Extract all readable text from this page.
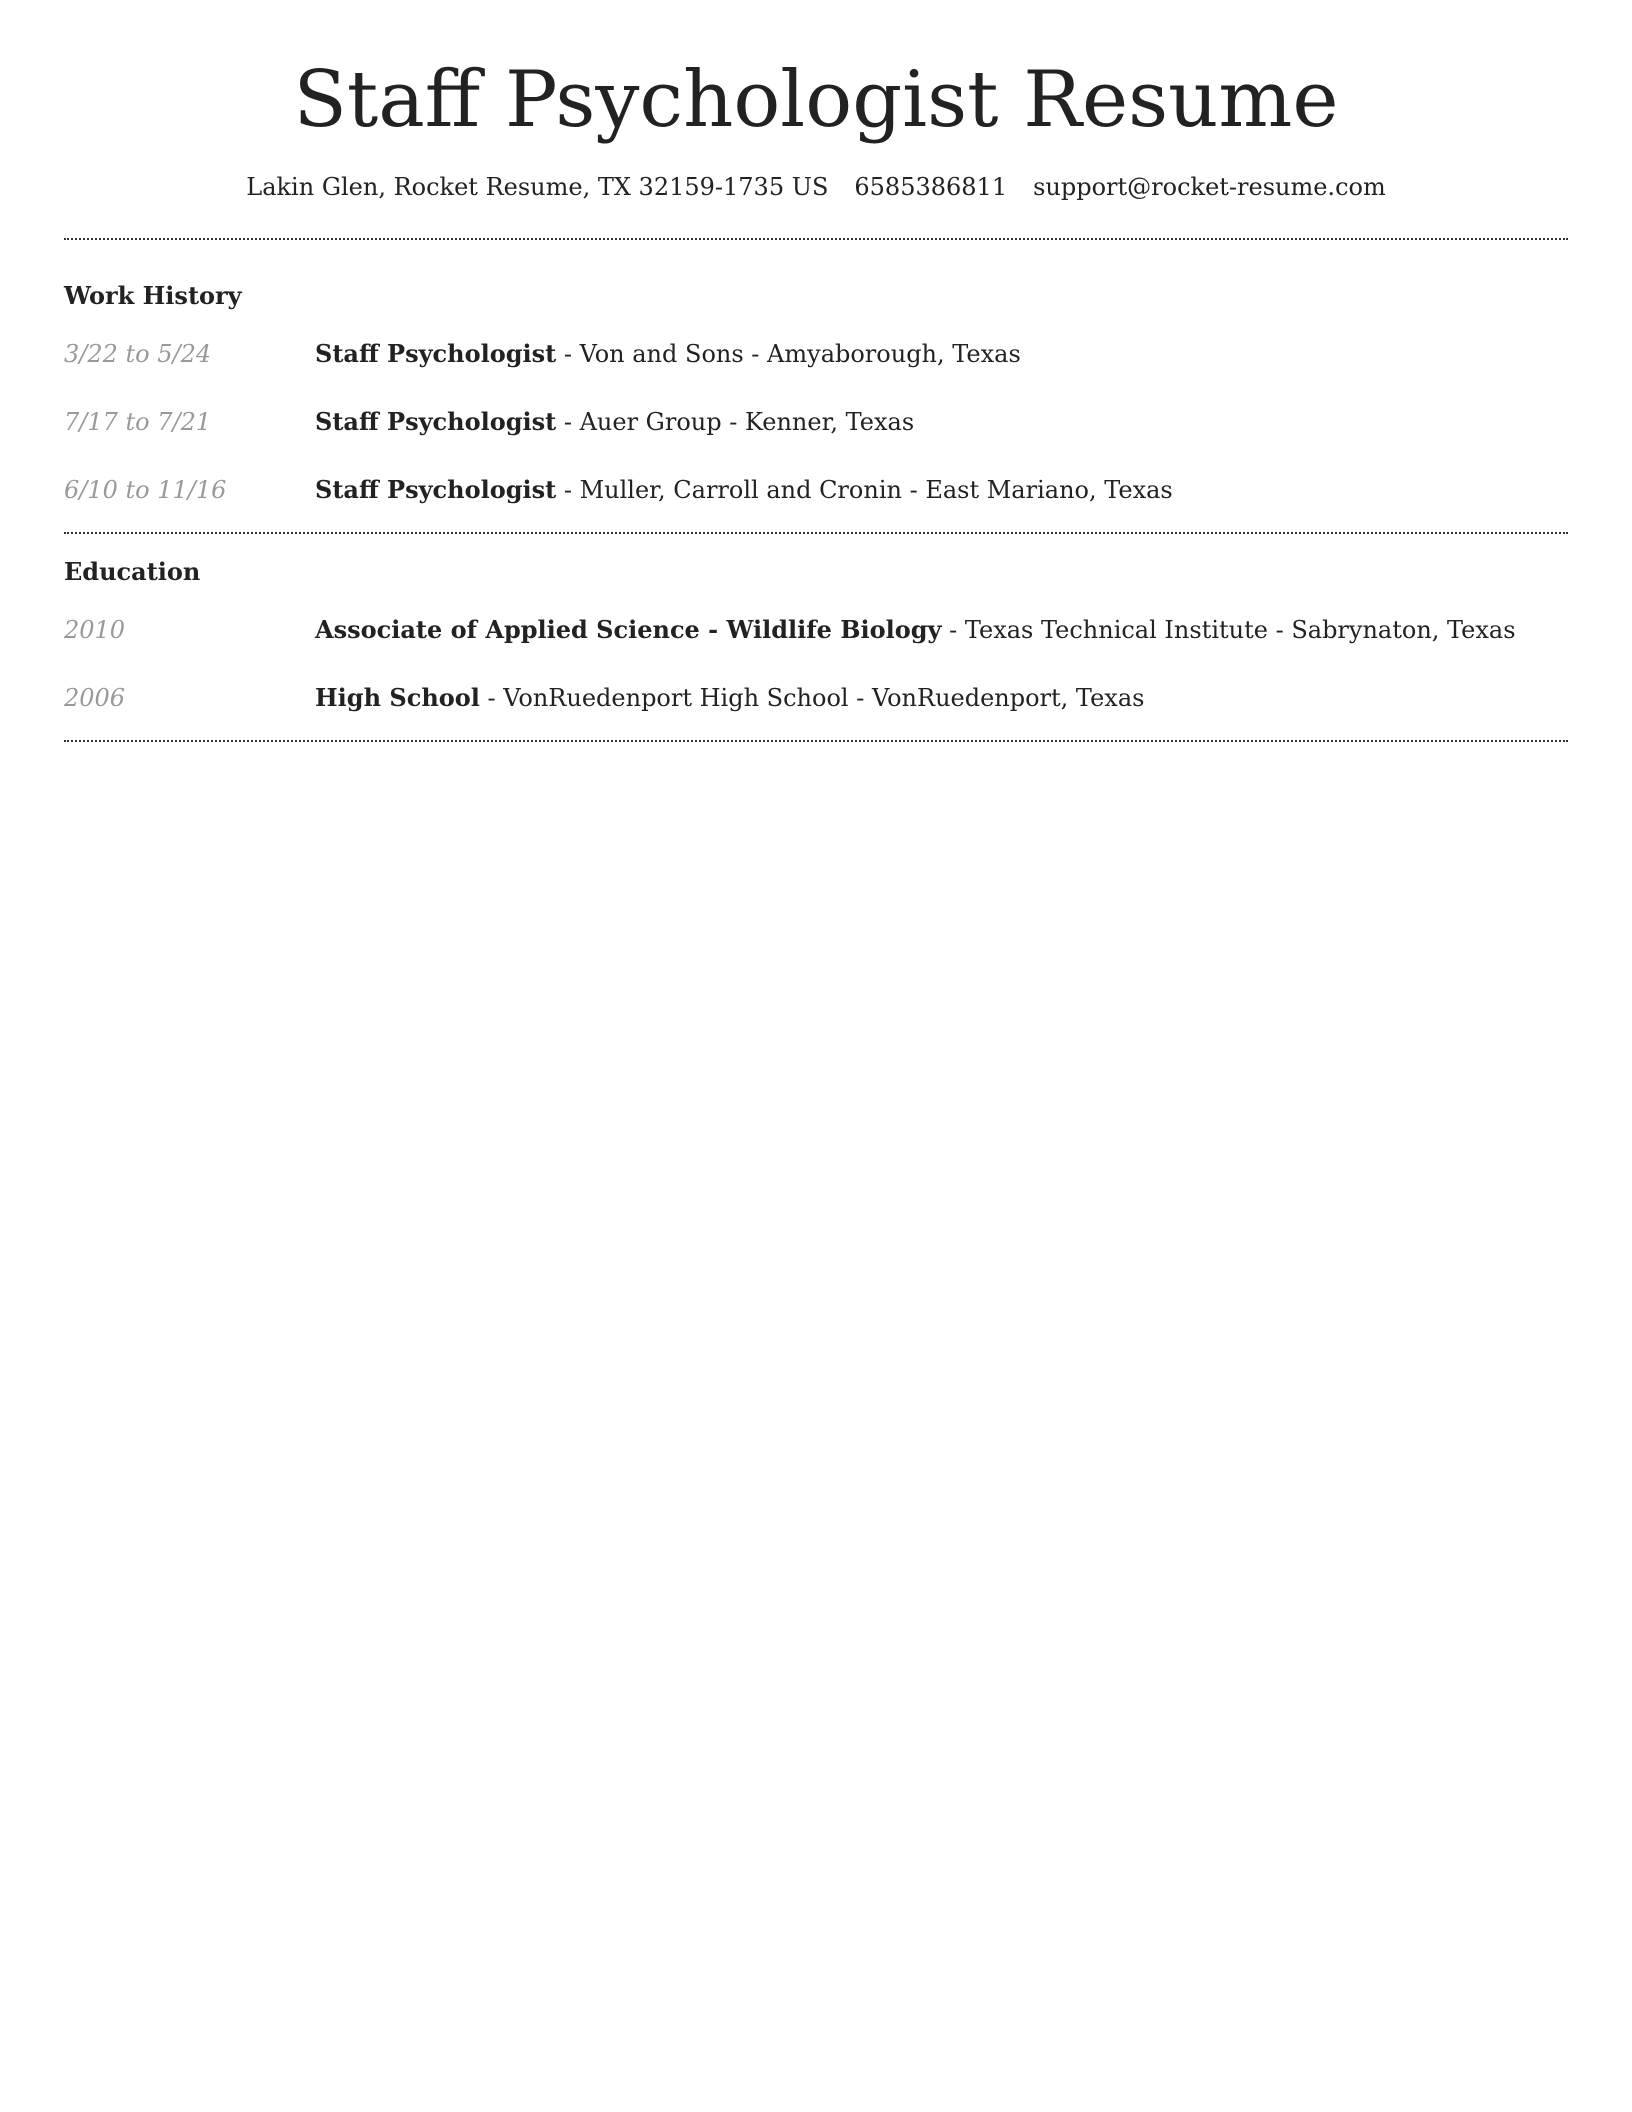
Staff Psychologist Resume
Lakin Glen, Rocket Resume, TX 32159-1735 US 6585386811 support@rocket-resume.com
Work History
3/22 to 5/24	Staff Psychologist - Von and Sons - Amyaborough, Texas
7/17 to 7/21	Staff Psychologist - Auer Group - Kenner, Texas
6/10 to 11/16	Staff Psychologist - Muller, Carroll and Cronin - East Mariano, Texas
Education
2010	Associate of Applied Science - Wildlife Biology - Texas Technical Institute - Sabrynaton, Texas
2006	High School - VonRuedenport High School - VonRuedenport, Texas
